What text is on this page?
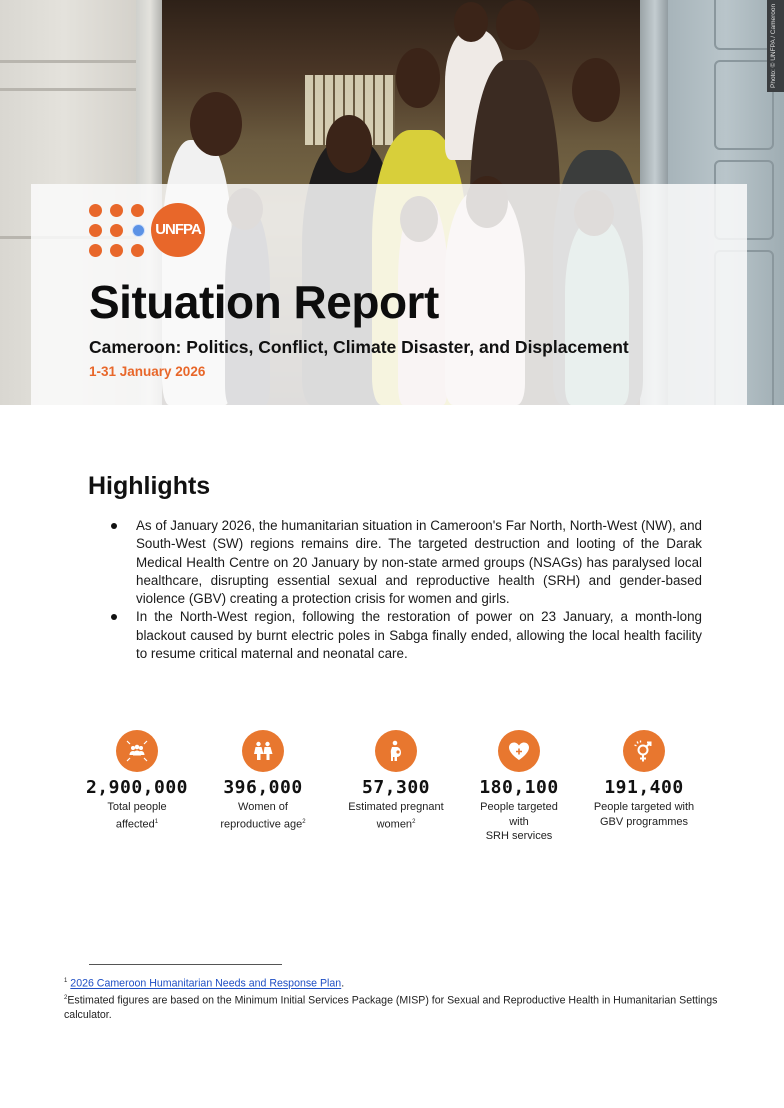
Photo: © UNFPA / Cameroon
UNFPA
Situation Report
Cameroon: Politics, Conflict, Climate Disaster, and Displacement
1-31 January 2026
Highlights
As of January 2026, the humanitarian situation in Cameroon's Far North, North-West (NW), and South-West (SW) regions remains dire. The targeted destruction and looting of the Darak Medical Health Centre on 20 January by non-state armed groups (NSAGs) has paralysed local healthcare, disrupting essential sexual and reproductive health (SRH) and gender-based violence (GBV) creating a protection crisis for women and girls.
In the North-West region, following the restoration of power on 23 January, a month-long blackout caused by burnt electric poles in Sabga finally ended, allowing the local health facility to resume critical maternal and neonatal care.
2,900,000
Total people
affected$^1$
396,000
Women of
reproductive age$^2$
57,300
Estimated pregnant
women$^2$
180,100
People targeted
with
SRH services
191,400
People targeted with
GBV programmes
$^1$ 2026 Cameroon Humanitarian Needs and Response Plan.
$^2$Estimated figures are based on the Minimum Initial Services Package (MISP) for Sexual and Reproductive Health in Humanitarian Settings calculator.
